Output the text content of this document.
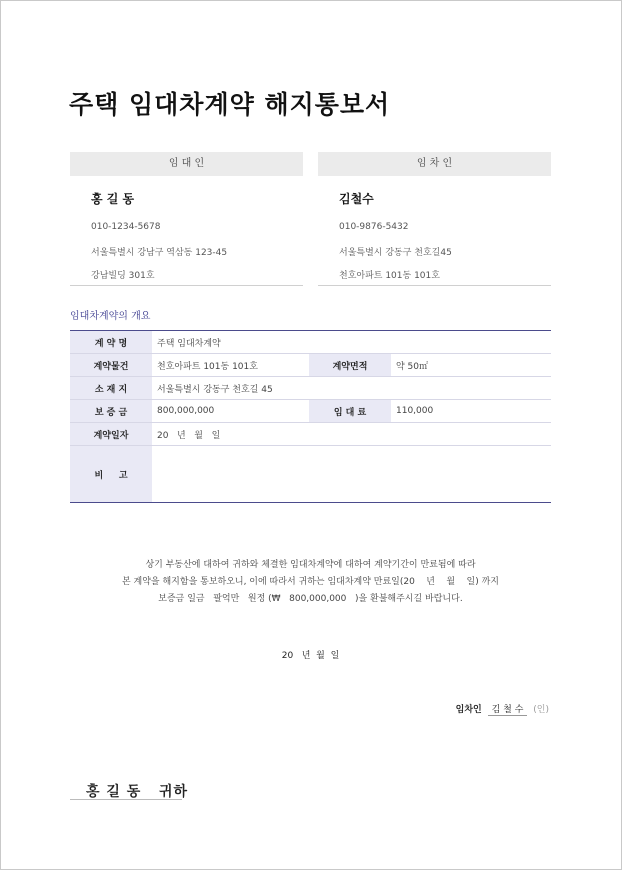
주택 임대차계약 해지통보서
임 대 인
홍 길 동
010-1234-5678
서울특별시 강남구 역삼동 123-45
강남빌딩 301호
임 차 인
김철수
010-9876-5432
서울특별시 강동구 천호길45
천호아파트 101동 101호
임대차계약의 개요
계 약 명	주택 임대차계약		
계약물건	천호아파트 101동 101호	계약면적	약 50㎡
소 재 지	서울특별시 강동구 천호길 45		
보 증 금	800,000,000	임 대 료	110,000
계약일자	20   년   월   일		
비     고			
상기 부동산에 대하여 귀하와 체결한 임대차계약에 대하여 계약기간이 만료됨에 따라
본 계약을 해지함을 통보하오니, 이에 따라서 귀하는 임대차계약 만료일(20    년    월    일) 까지
보증금 일금   팔억만   원정 (₩   800,000,000   )을 환불해주시길 바랍니다.
20   년  월  일
임차인 김 철 수 (인)
홍 길 동   귀하
